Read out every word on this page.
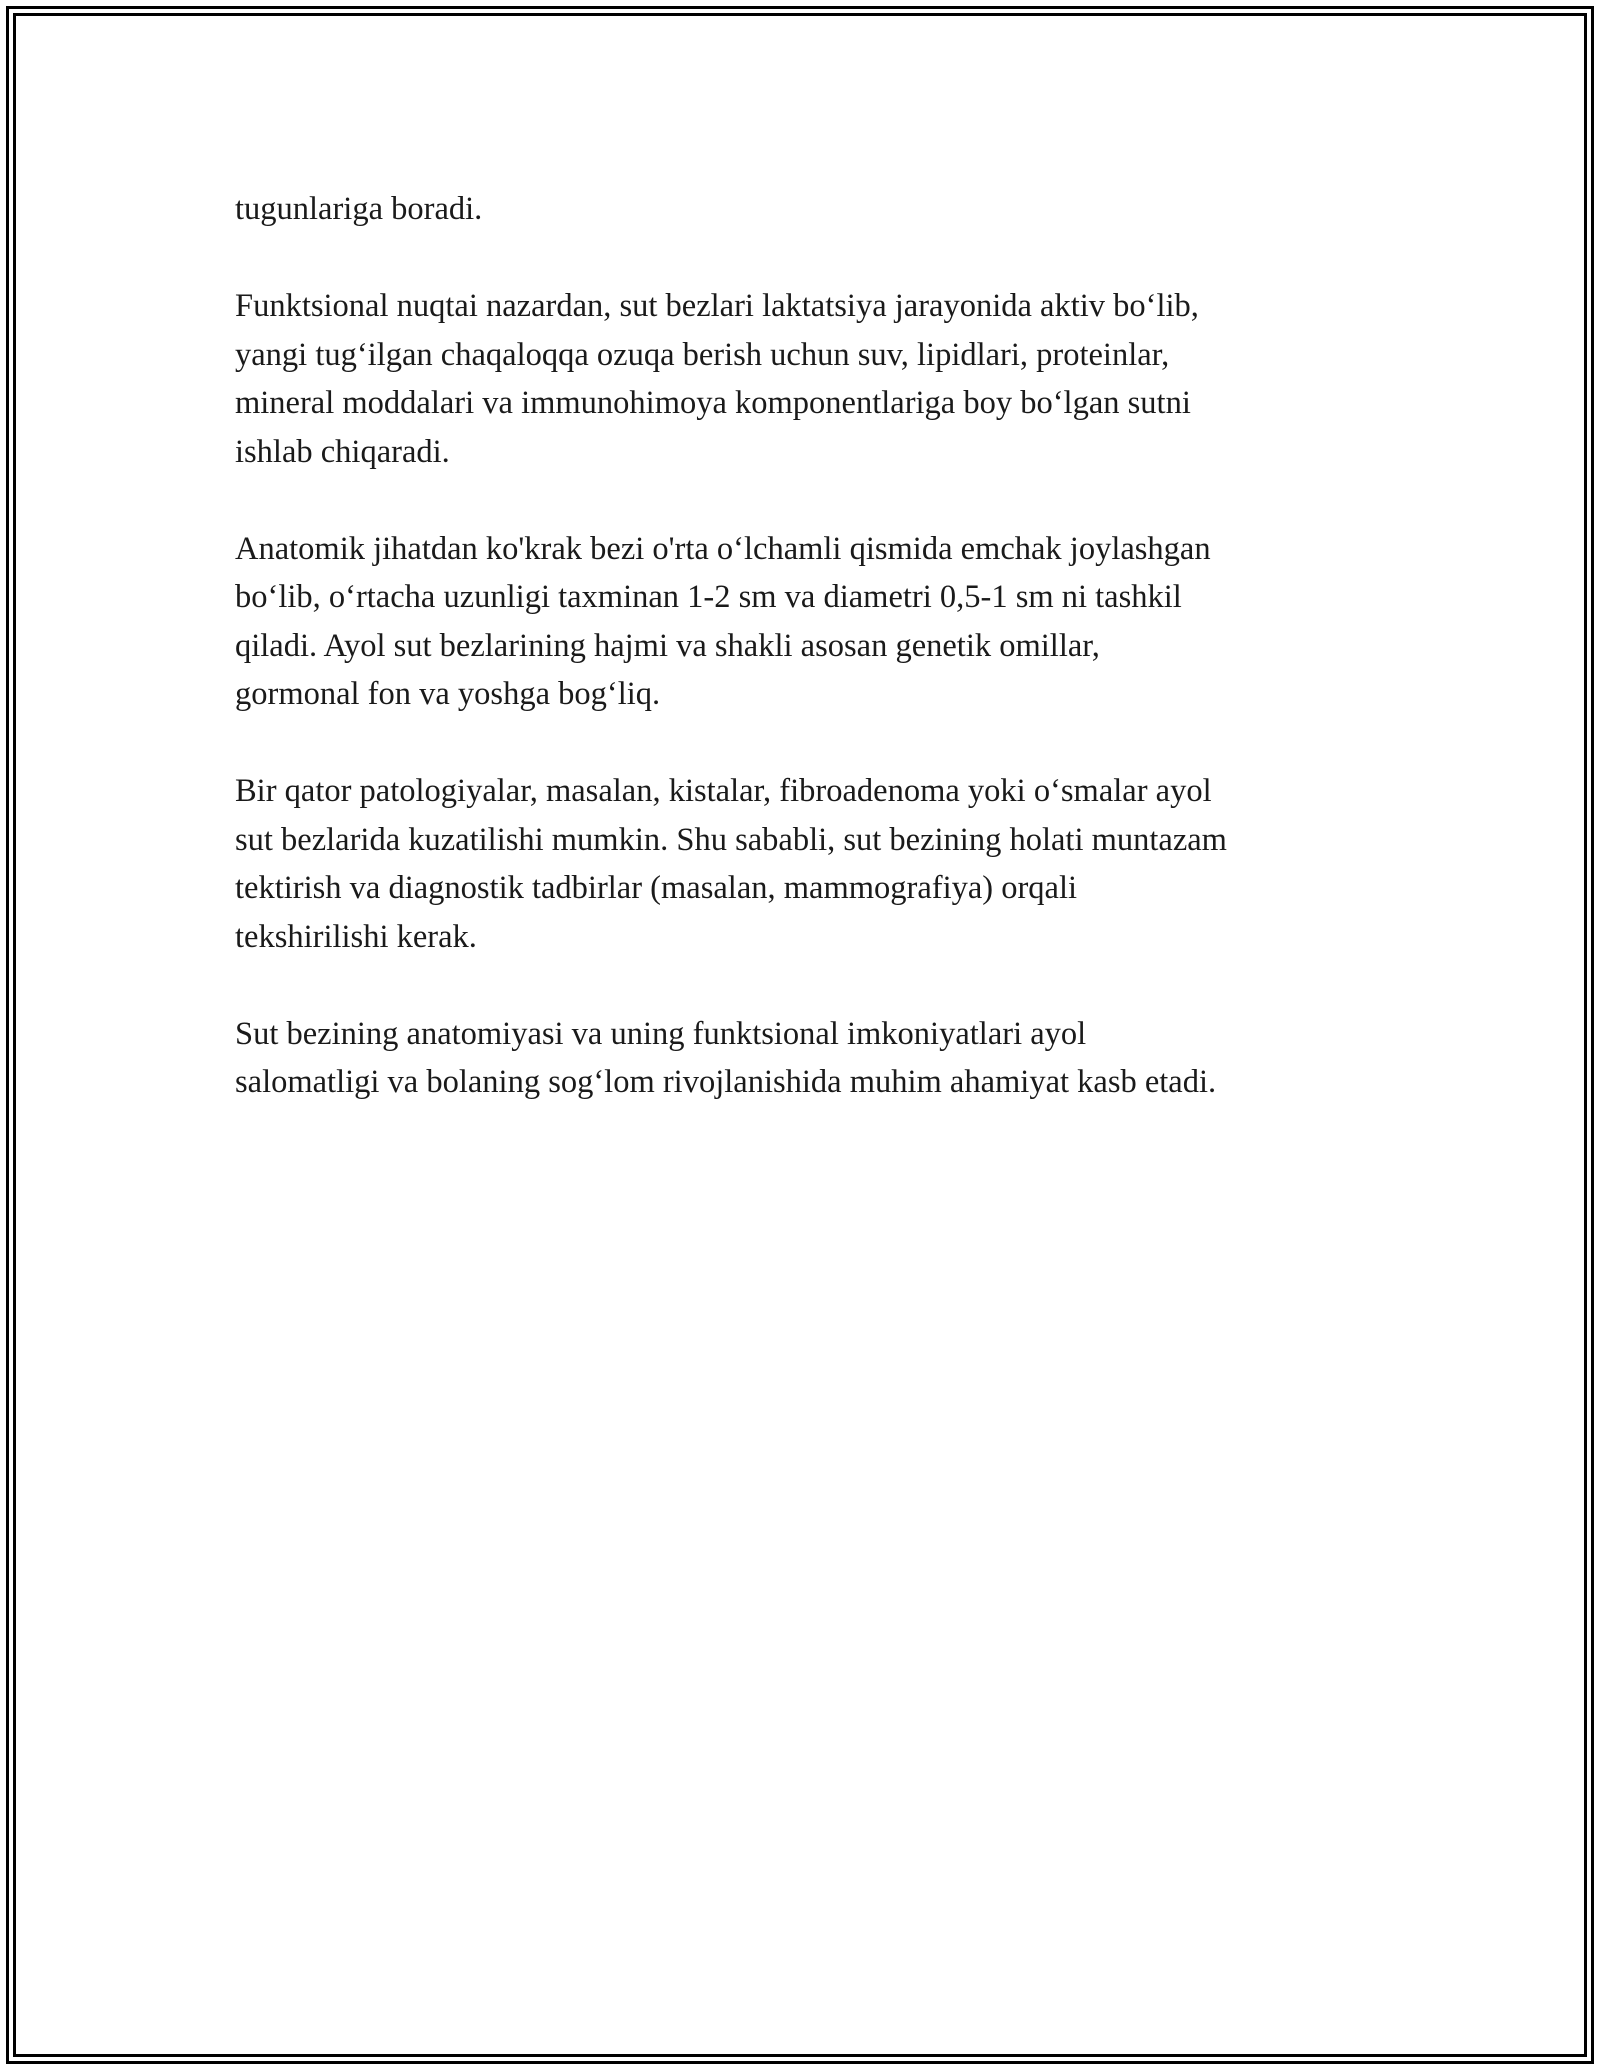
tugunlariga boradi.

Funktsional nuqtai nazardan, sut bezlari laktatsiya jarayonida aktiv bo‘lib,
yangi tug‘ilgan chaqaloqqa ozuqa berish uchun suv, lipidlari, proteinlar,
mineral moddalari va immunohimoya komponentlariga boy bo‘lgan sutni
ishlab chiqaradi.

Anatomik jihatdan ko'krak bezi o'rta o‘lchamli qismida emchak joylashgan
bo‘lib, o‘rtacha uzunligi taxminan 1-2 sm va diametri 0,5-1 sm ni tashkil
qiladi. Ayol sut bezlarining hajmi va shakli asosan genetik omillar,
gormonal fon va yoshga bog‘liq.

Bir qator patologiyalar, masalan, kistalar, fibroadenoma yoki o‘smalar ayol
sut bezlarida kuzatilishi mumkin. Shu sababli, sut bezining holati muntazam
tektirish va diagnostik tadbirlar (masalan, mammografiya) orqali
tekshirilishi kerak.

Sut bezining anatomiyasi va uning funktsional imkoniyatlari ayol
salomatligi va bolaning sog‘lom rivojlanishida muhim ahamiyat kasb etadi.
